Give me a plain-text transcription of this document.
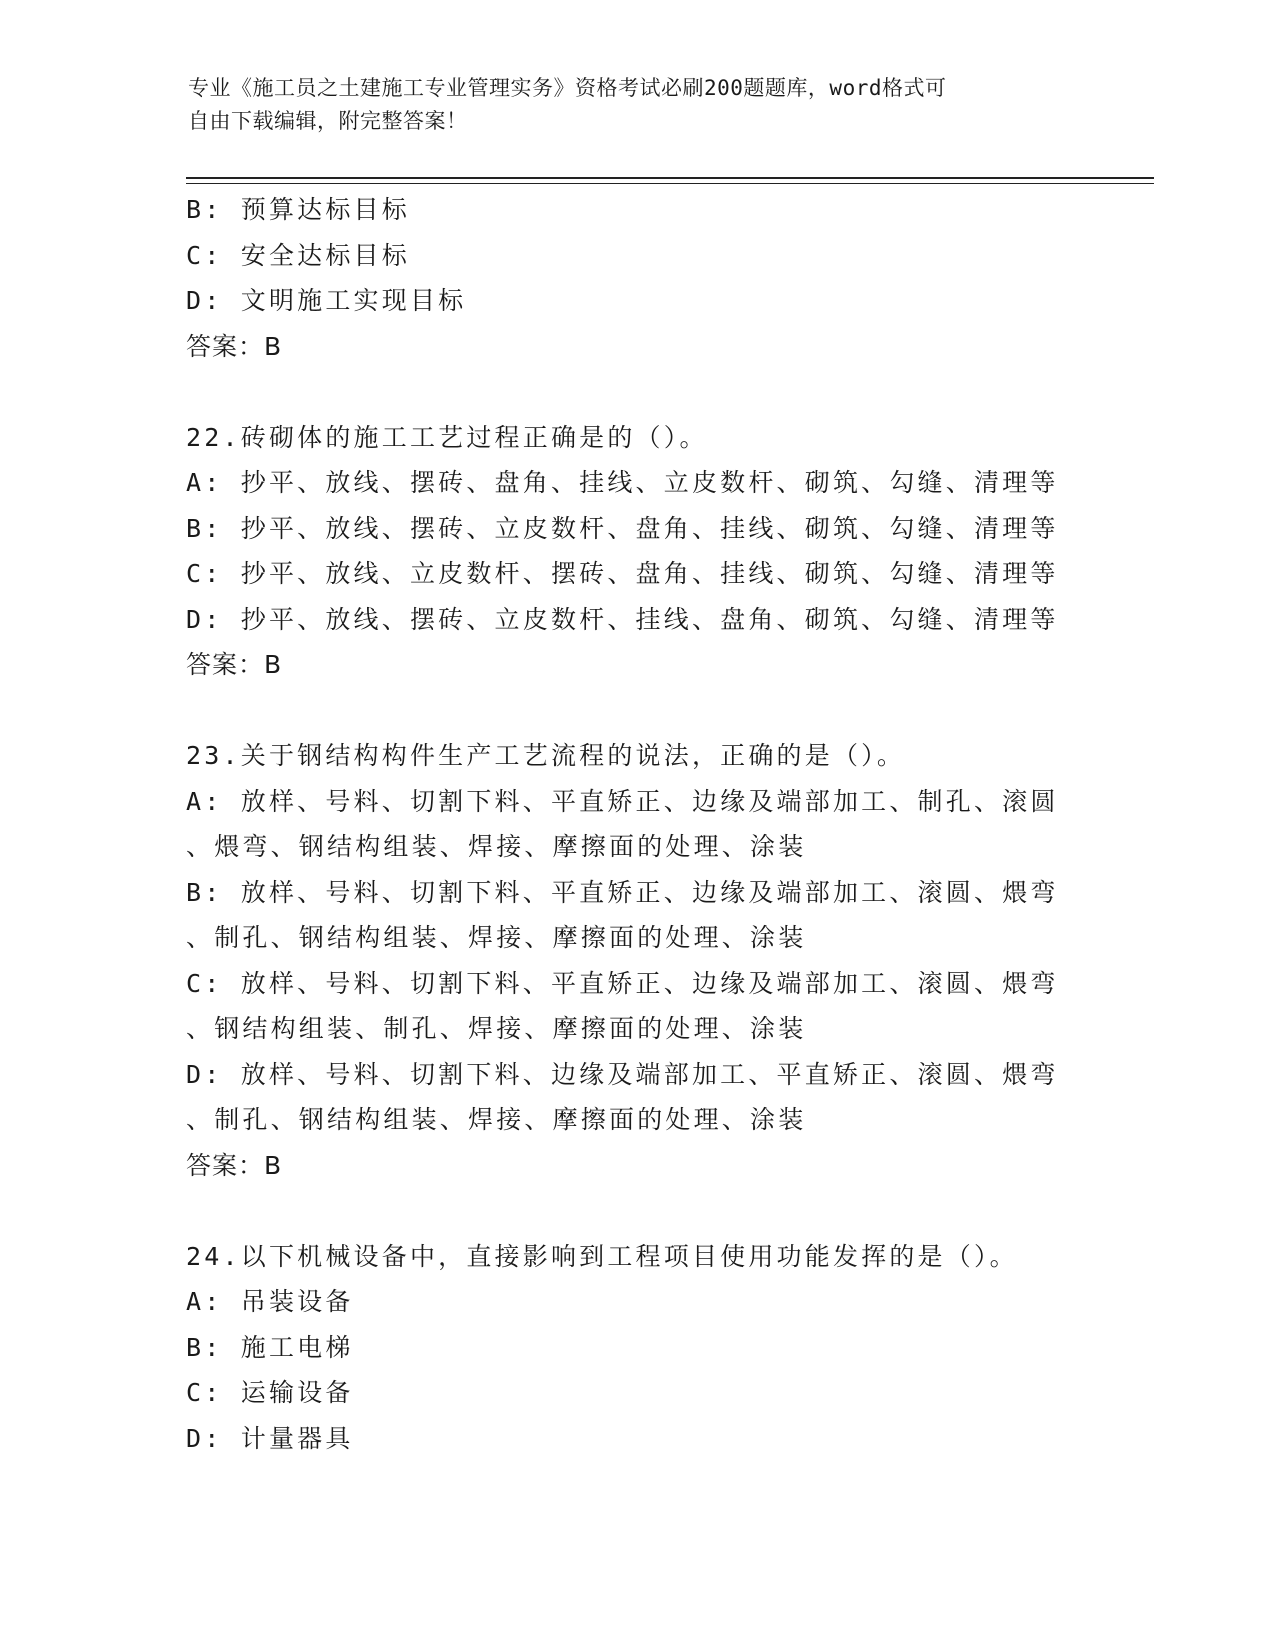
专业《施工员之土建施工专业管理实务》资格考试必刷200题题库，word格式可
自由下载编辑，附完整答案！
B: 预算达标目标
C: 安全达标目标
D: 文明施工实现目标
答案：B
22.砖砌体的施工工艺过程正确是的（）。
A: 抄平、放线、摆砖、盘角、挂线、立皮数杆、砌筑、勾缝、清理等
B: 抄平、放线、摆砖、立皮数杆、盘角、挂线、砌筑、勾缝、清理等
C: 抄平、放线、立皮数杆、摆砖、盘角、挂线、砌筑、勾缝、清理等
D: 抄平、放线、摆砖、立皮数杆、挂线、盘角、砌筑、勾缝、清理等
答案：B
23.关于钢结构构件生产工艺流程的说法，正确的是（）。
A: 放样、号料、切割下料、平直矫正、边缘及端部加工、制孔、滚圆
、煨弯、钢结构组装、焊接、摩擦面的处理、涂装
B: 放样、号料、切割下料、平直矫正、边缘及端部加工、滚圆、煨弯
、制孔、钢结构组装、焊接、摩擦面的处理、涂装
C: 放样、号料、切割下料、平直矫正、边缘及端部加工、滚圆、煨弯
、钢结构组装、制孔、焊接、摩擦面的处理、涂装
D: 放样、号料、切割下料、边缘及端部加工、平直矫正、滚圆、煨弯
、制孔、钢结构组装、焊接、摩擦面的处理、涂装
答案：B
24.以下机械设备中，直接影响到工程项目使用功能发挥的是（）。
A: 吊装设备
B: 施工电梯
C: 运输设备
D: 计量器具
